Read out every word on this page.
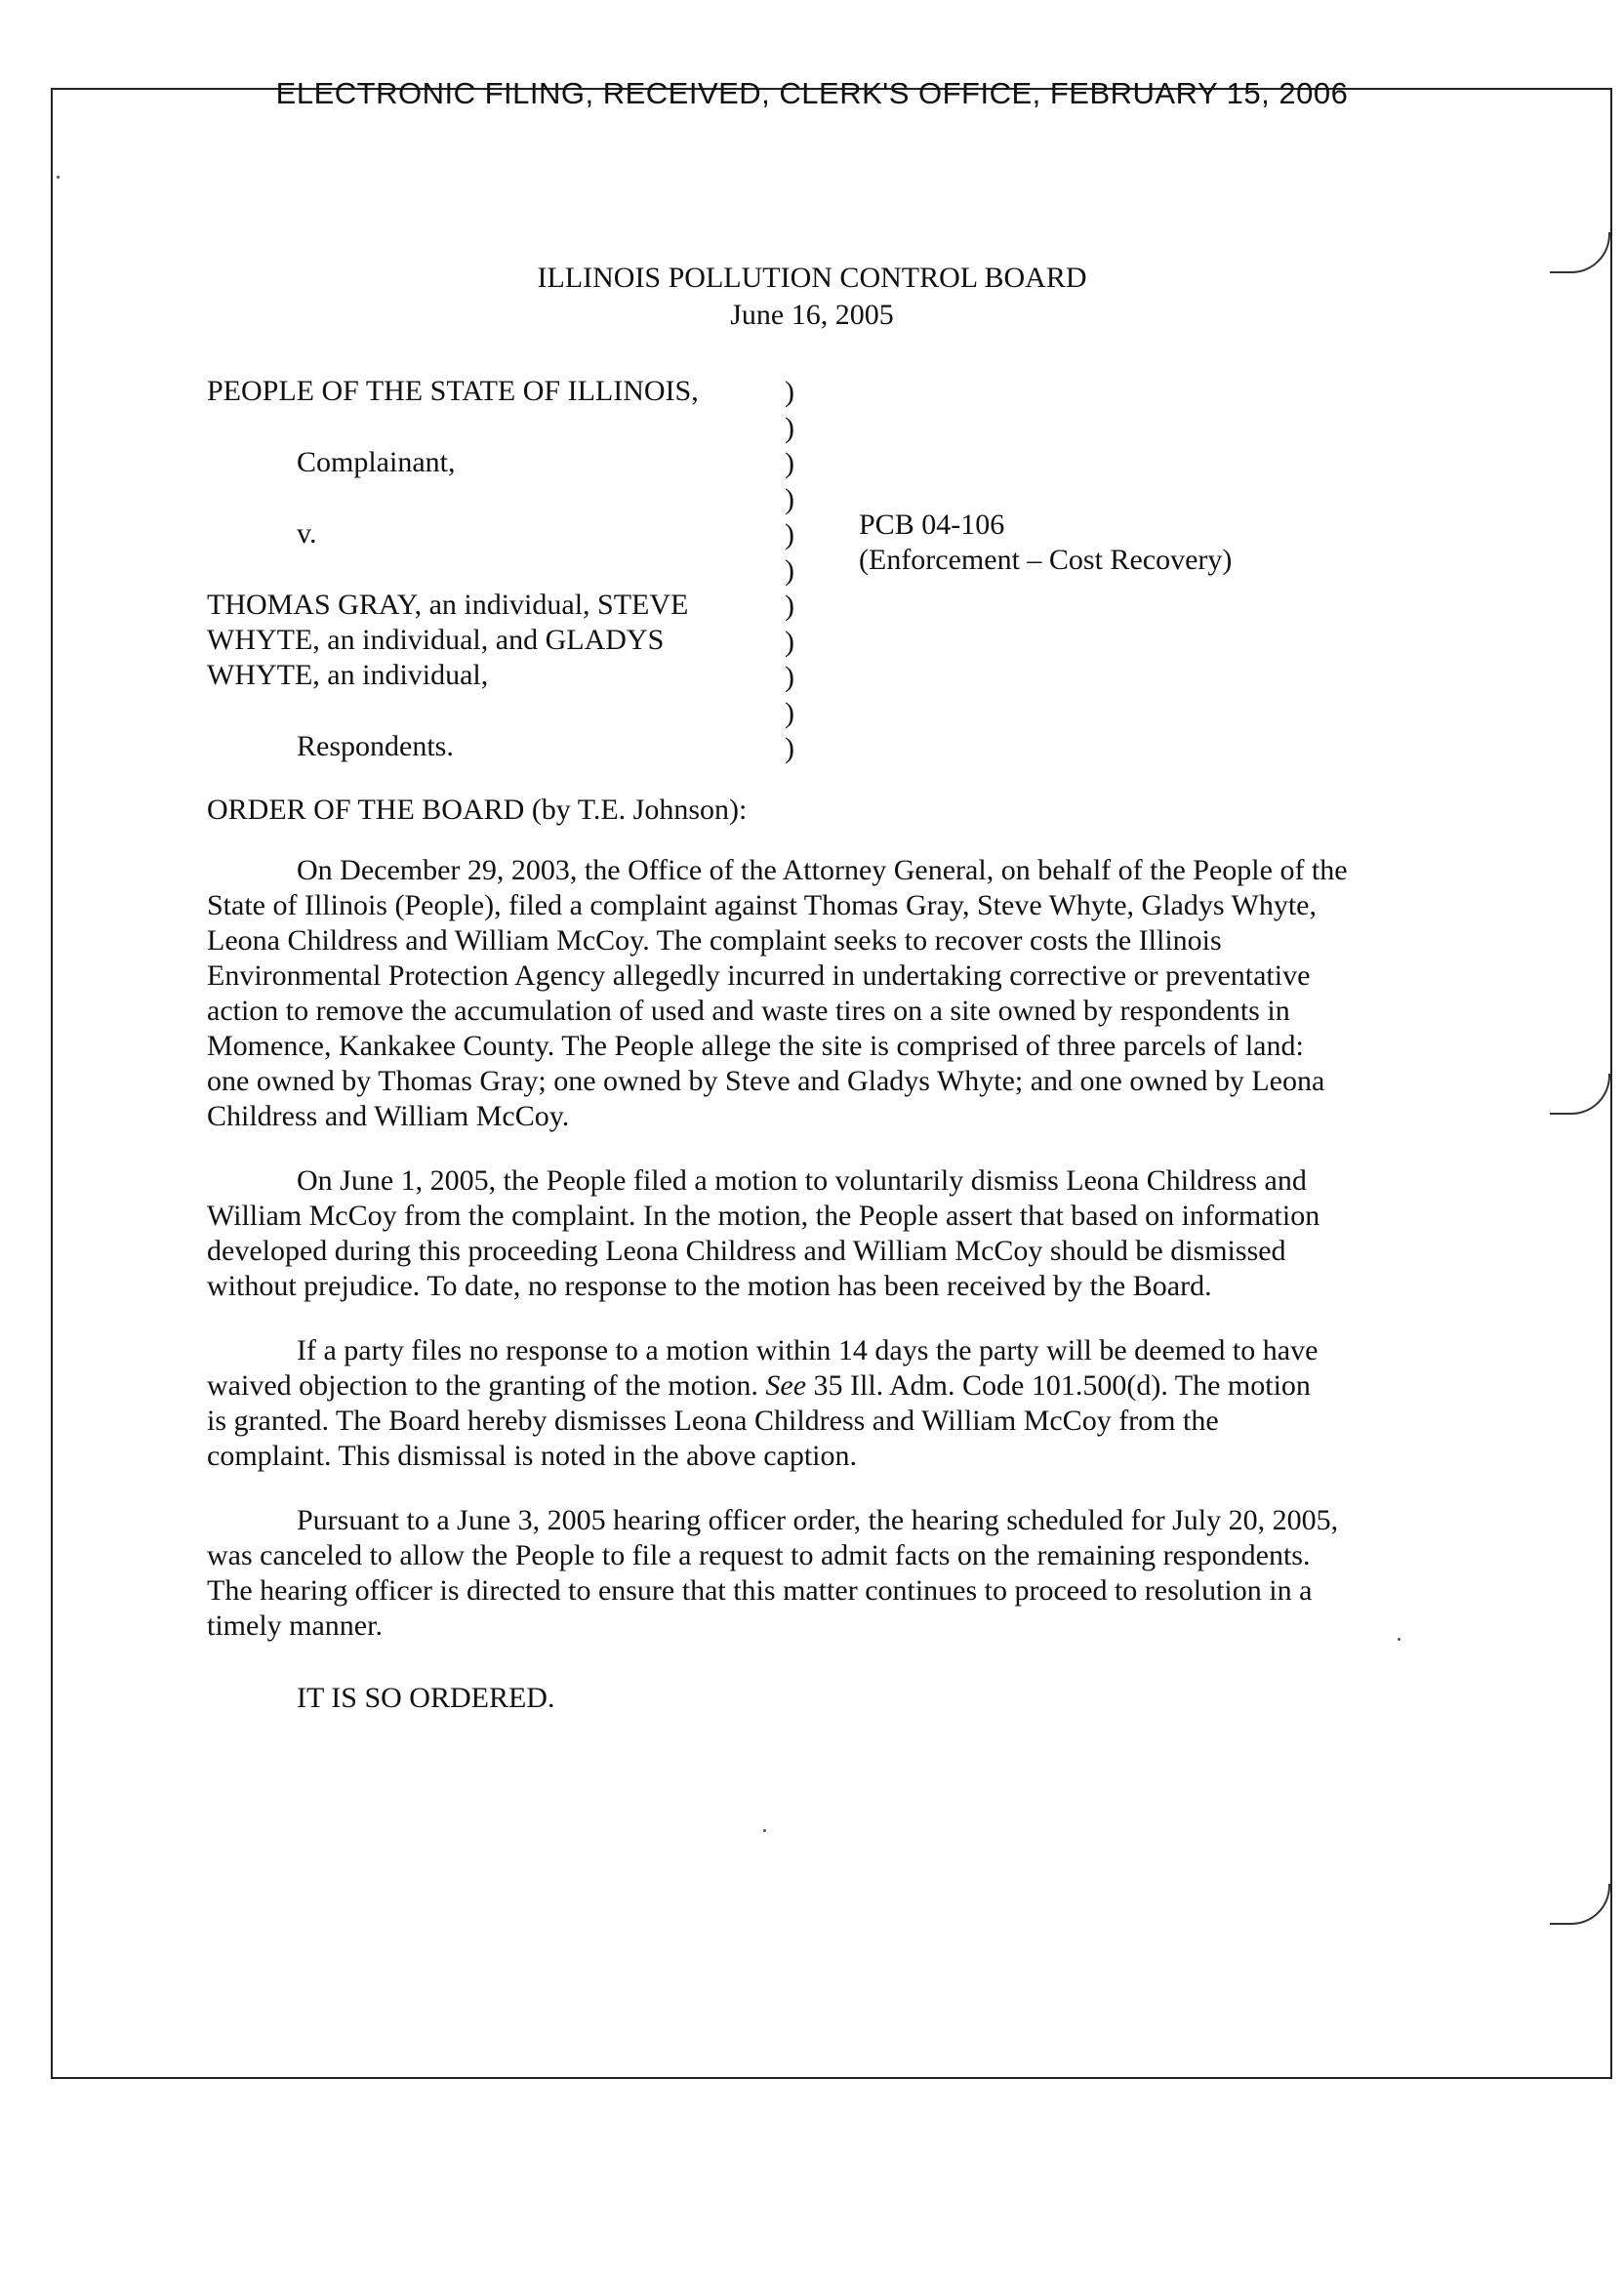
ELECTRONIC FILING, RECEIVED, CLERK'S OFFICE, FEBRUARY 15, 2006
ILLINOIS POLLUTION CONTROL BOARD
June 16, 2005
PEOPLE OF THE STATE OF ILLINOIS,
Complainant,
v.
THOMAS GRAY, an individual, STEVE
WHYTE, an individual, and GLADYS
WHYTE, an individual,
Respondents.
)
)
)
)
)
)
)
)
)
)
)
PCB 04-106
(Enforcement – Cost Recovery)
ORDER OF THE BOARD (by T.E. Johnson):
On December 29, 2003, the Office of the Attorney General, on behalf of the People of the
State of Illinois (People), filed a complaint against Thomas Gray, Steve Whyte, Gladys Whyte,
Leona Childress and William McCoy. The complaint seeks to recover costs the Illinois
Environmental Protection Agency allegedly incurred in undertaking corrective or preventative
action to remove the accumulation of used and waste tires on a site owned by respondents in
Momence, Kankakee County. The People allege the site is comprised of three parcels of land:
one owned by Thomas Gray; one owned by Steve and Gladys Whyte; and one owned by Leona
Childress and William McCoy.
On June 1, 2005, the People filed a motion to voluntarily dismiss Leona Childress and
William McCoy from the complaint. In the motion, the People assert that based on information
developed during this proceeding Leona Childress and William McCoy should be dismissed
without prejudice. To date, no response to the motion has been received by the Board.
If a party files no response to a motion within 14 days the party will be deemed to have
waived objection to the granting of the motion. See 35 Ill. Adm. Code 101.500(d). The motion
is granted. The Board hereby dismisses Leona Childress and William McCoy from the
complaint. This dismissal is noted in the above caption.
Pursuant to a June 3, 2005 hearing officer order, the hearing scheduled for July 20, 2005,
was canceled to allow the People to file a request to admit facts on the remaining respondents.
The hearing officer is directed to ensure that this matter continues to proceed to resolution in a
timely manner.
IT IS SO ORDERED.
